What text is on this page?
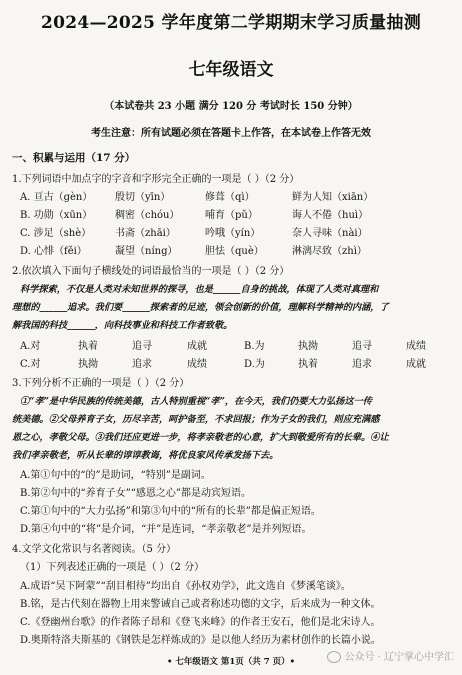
2024—2025 学年度第二学期期末学习质量抽测
七年级语文
（本试卷共 23 小题 满分 120 分 考试时长 150 分钟）
考生注意：所有试题必须在答题卡上作答，在本试卷上作答无效
一、积累与运用（17 分）
1.下列词语中加点字的字音和字形完全正确的一项是（ ）（2 分）
A. 亘古（gèn） 殷切（yīn）	修葺（qì）	鲜为人知（xiān）
B. 功勋（xūn） 稠密（chóu）	哺育（pǔ）	诲人不倦（huì）
C. 涉足（shè） 书斋（zhāi）	吟哦（yín）	奈人寻味（nài）
D. 心悱（fěi）	凝望（níng）	胆怯（què）	淋漓尽致（zhì）
2.依次填入下面句子横线处的词语最恰当的一项是（ ）（2 分）
科学探索，不仅是人类对未知世界的探寻，也是______自身的挑战，体现了人类对真理和
理想的______追求。我们要______探索者的足迹，领会创新的价值，理解科学精神的内涵，了
解我国的科技______，向科技事业和科技工作者致敬。
A.对	执着	追寻	成就	B.为	执拗	追寻	成绩
C.对	执拗	追求	成绩	D.为	执着	追求	成就
3.下列分析不正确的一项是（ ）（2 分）
①“孝”是中华民族的传统美德，古人特别重视“孝”，在今天，我们仍要大力弘扬这一传
统美德。②父母养育子女，历尽辛苦，呵护备至，不求回报；作为子女的我们，则应充满感
恩之心，孝敬父母。③我们还应更进一步，将孝亲敬老的心意，扩大到敬爱所有的长辈。④让
我们孝亲敬老，听从长辈的谆谆教诲，将优良家风传承发扬下去。
A.第①句中的“的”是助词，“特别”是副词。
B.第②句中的“养育子女”“感恩之心”都是动宾短语。
C.第①句中的“大力弘扬”和第③句中的“所有的长辈”都是偏正短语。
D.第④句中的“将”是介词，“并”是连词，“孝亲敬老”是并列短语。
4.文学文化常识与名著阅读。（5 分）
（1）下列表述正确的一项是（ ）（2 分）
A.成语“吴下阿蒙”“刮目相待”均出自《孙权劝学》，此文选自《梦溪笔谈》。
B.铭，是古代刻在器物上用来警诫自己或者称述功德的文字，后来成为一种文体。
C.《登幽州台歌》的作者陈子昂和《登飞来峰》的作者王安石，他们是北宋诗人。
D.奥斯特洛夫斯基的《钢铁是怎样炼成的》是以他人经历为素材创作的长篇小说。
• 七年级语文 第1页（共 7 页）•	公众号 · 辽宁掌心中学汇
